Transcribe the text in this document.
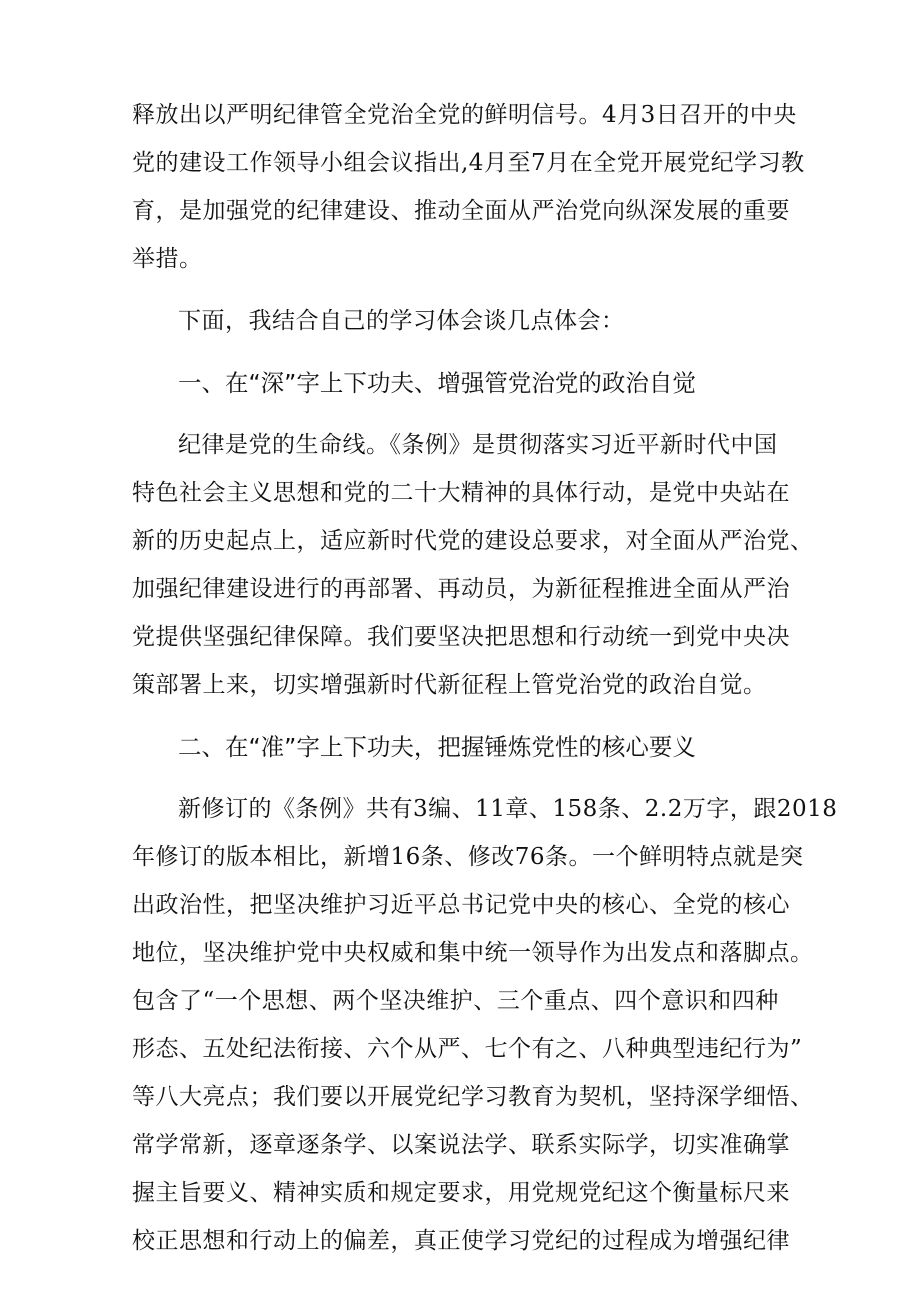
释放出以严明纪律管全党治全党的鲜明信号。4月3日召开的中央
党的建设工作领导小组会议指出,4月至7月在全党开展党纪学习教
育，是加强党的纪律建设、推动全面从严治党向纵深发展的重要
举措。
下面，我结合自己的学习体会谈几点体会：
一、在“深”字上下功夫、增强管党治党的政治自觉
纪律是党的生命线。《条例》是贯彻落实习近平新时代中国
特色社会主义思想和党的二十大精神的具体行动，是党中央站在
新的历史起点上，适应新时代党的建设总要求，对全面从严治党、
加强纪律建设进行的再部署、再动员，为新征程推进全面从严治
党提供坚强纪律保障。我们要坚决把思想和行动统一到党中央决
策部署上来，切实增强新时代新征程上管党治党的政治自觉。
二、在“准”字上下功夫，把握锤炼党性的核心要义
新修订的《条例》共有3编、11章、158条、2.2万字，跟2018
年修订的版本相比，新增16条、修改76条。一个鲜明特点就是突
出政治性，把坚决维护习近平总书记党中央的核心、全党的核心
地位，坚决维护党中央权威和集中统一领导作为出发点和落脚点。
包含了“一个思想、两个坚决维护、三个重点、四个意识和四种
形态、五处纪法衔接、六个从严、七个有之、八种典型违纪行为”
等八大亮点；我们要以开展党纪学习教育为契机，坚持深学细悟、
常学常新，逐章逐条学、以案说法学、联系实际学，切实准确掌
握主旨要义、精神实质和规定要求，用党规党纪这个衡量标尺来
校正思想和行动上的偏差，真正使学习党纪的过程成为增强纪律
